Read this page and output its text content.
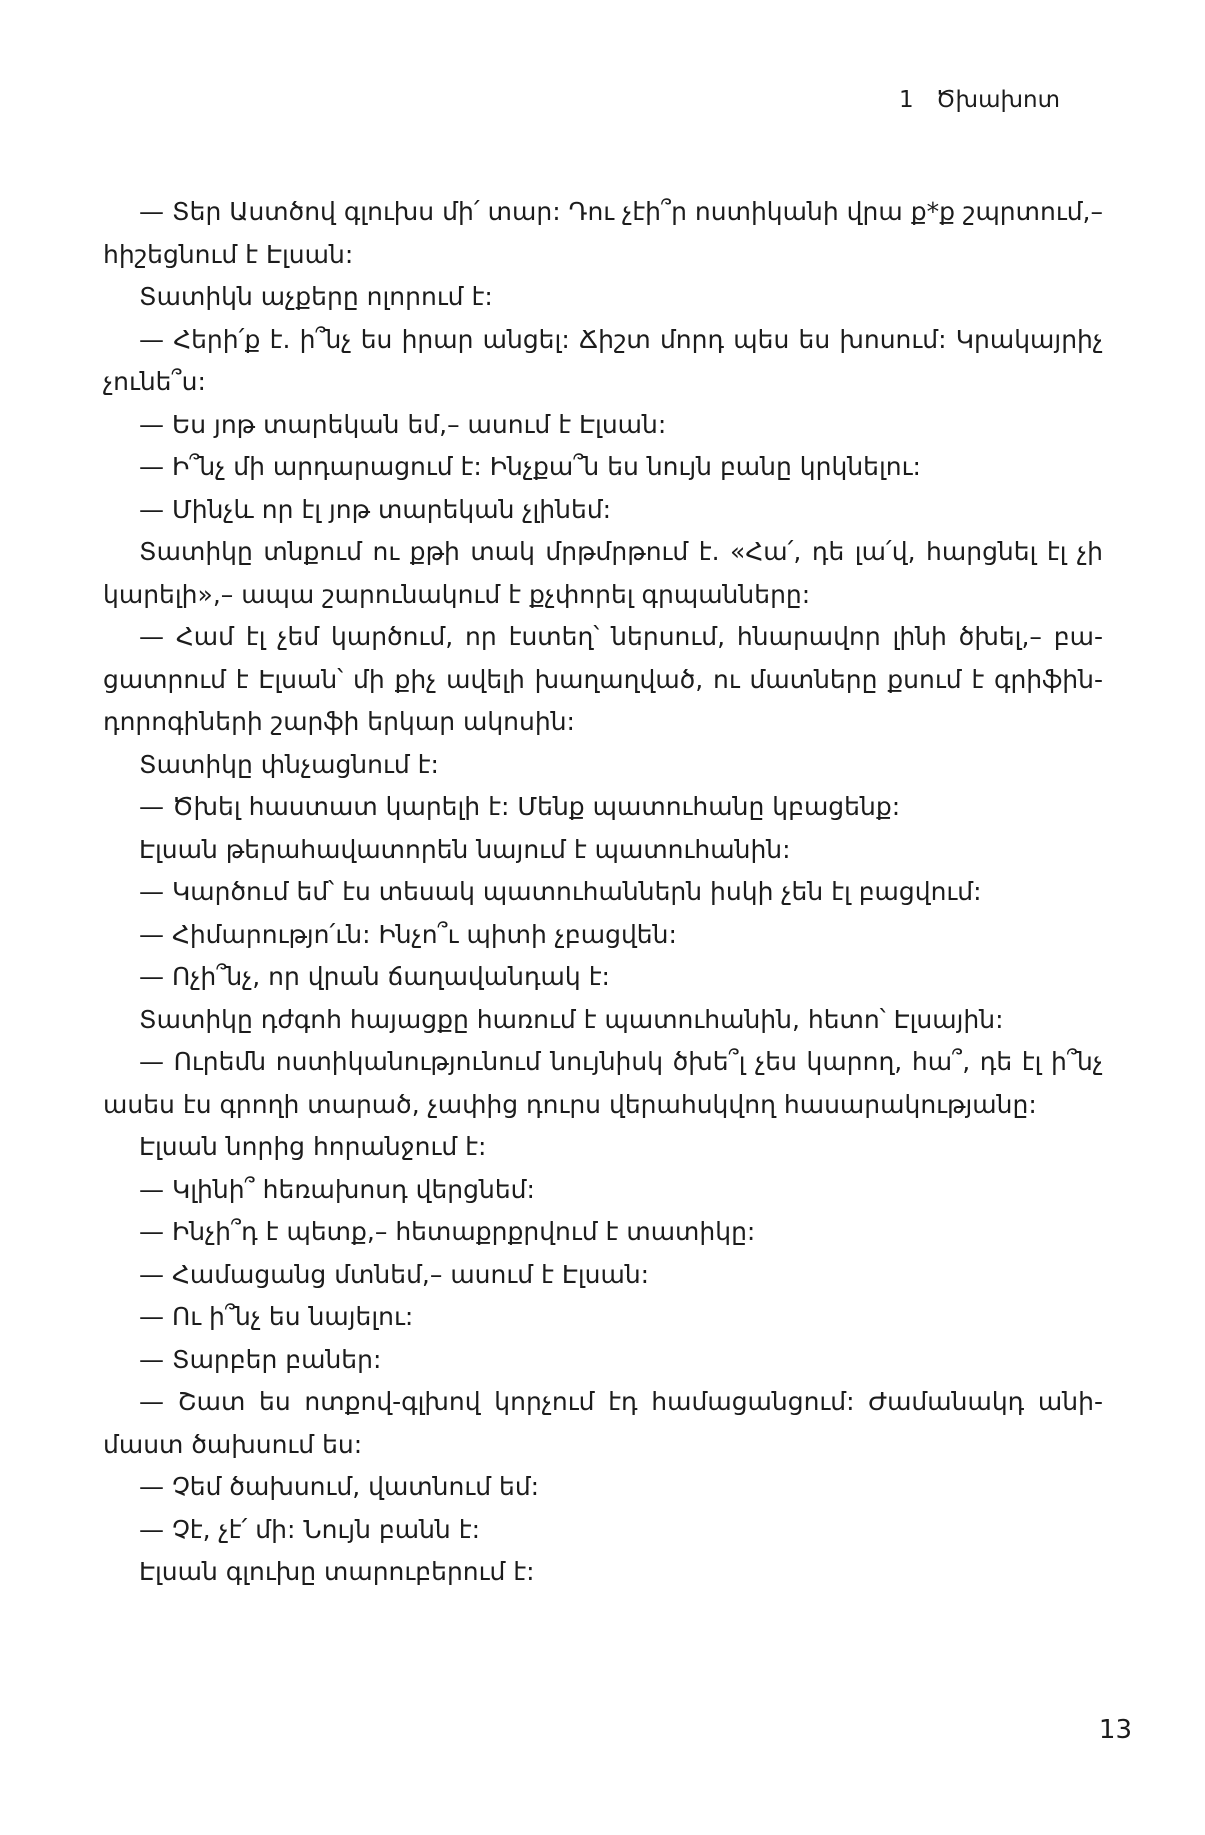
1 Ծխախոտ
— Տեր Աստծով գլուխս մի՛ տար: Դու չէի՞ր ոստիկանի վրա ք*ք շպրտում,–
հիշեցնում է Էլսան:
Տատիկն աչքերը ոլորում է:
— Հերի՛ք է. ի՞նչ ես իրար անցել: Ճիշտ մորդ պես ես խոսում: Կրակայրիչ
չունե՞ս:
— Ես յոթ տարեկան եմ,– ասում է Էլսան:
— Ի՞նչ մի արդարացում է: Ինչքա՞ն ես նույն բանը կրկնելու:
— Մինչև որ էլ յոթ տարեկան չլինեմ:
Տատիկը տնքում ու քթի տակ մրթմրթում է. «Հա՛, դե լա՛վ, հարցնել էլ չի
կարելի»,– ապա շարունակում է քչփորել գրպանները:
— Համ էլ չեմ կարծում, որ էստեղ՝ ներսում, հնարավոր լինի ծխել,– բա-
ցատրում է Էլսան՝ մի քիչ ավելի խաղաղված, ու մատները քսում է գրիֆին-
դորոգիների շարֆի երկար ակոսին:
Տատիկը փնչացնում է:
— Ծխել հաստատ կարելի է: Մենք պատուհանը կբացենք:
Էլսան թերահավատորեն նայում է պատուհանին:
— Կարծում եմ՝ էս տեսակ պատուհաններն իսկի չեն էլ բացվում:
— Հիմարությո՛ւն: Ինչո՞ւ պիտի չբացվեն:
— Ոչի՞նչ, որ վրան ճաղավանդակ է:
Տատիկը դժգոհ հայացքը հառում է պատուհանին, հետո՝ Էլսային:
— Ուրեմն ոստիկանությունում նույնիսկ ծխե՞լ չես կարող, հա՞, դե էլ ի՞նչ
ասես էս գրողի տարած, չափից դուրս վերահսկվող հասարակությանը:
Էլսան նորից հորանջում է:
— Կլինի՞ հեռախոսդ վերցնեմ:
— Ինչի՞դ է պետք,– հետաքրքրվում է տատիկը:
— Համացանց մտնեմ,– ասում է Էլսան:
— Ու ի՞նչ ես նայելու:
— Տարբեր բաներ:
— Շատ ես ոտքով-գլխով կորչում էդ համացանցում: Ժամանակդ անի-
մաստ ծախսում ես:
— Չեմ ծախսում, վատնում եմ:
— Չէ, չէ՛ մի: Նույն բանն է:
Էլսան գլուխը տարուբերում է:
13
